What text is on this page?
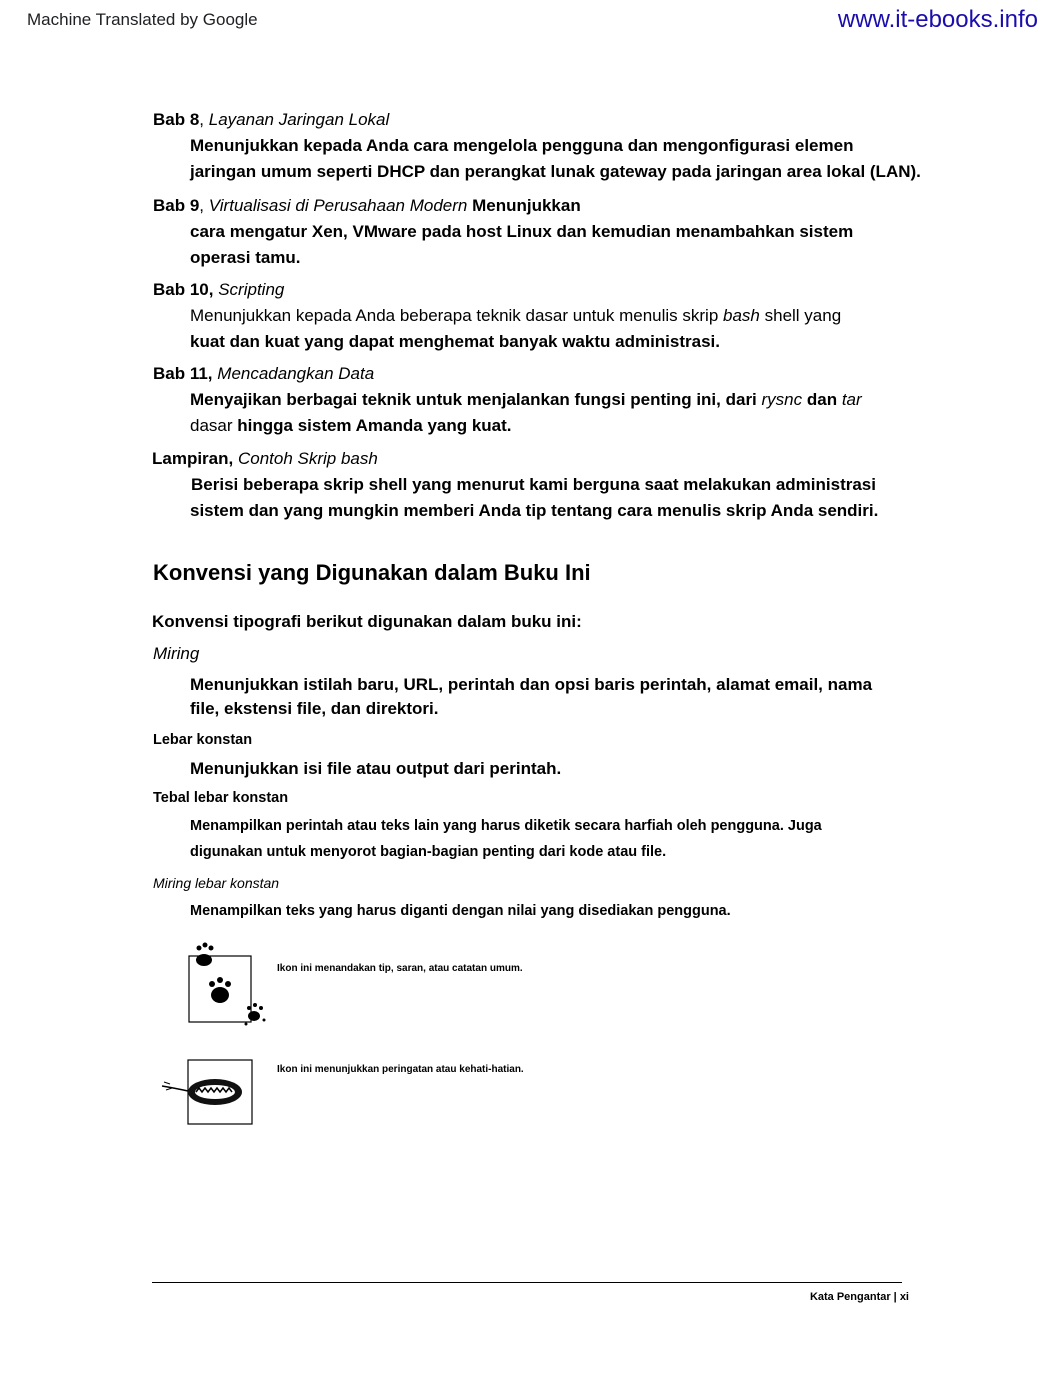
Machine Translated by Google	www.it-ebooks.info
Bab 8, Layanan Jaringan Lokal
Menunjukkan kepada Anda cara mengelola pengguna dan mengonfigurasi elemen
jaringan umum seperti DHCP dan perangkat lunak gateway pada jaringan area lokal (LAN).
Bab 9, Virtualisasi di Perusahaan Modern Menunjukkan
cara mengatur Xen, VMware pada host Linux dan kemudian menambahkan sistem
operasi tamu.
Bab 10, Scripting
Menunjukkan kepada Anda beberapa teknik dasar untuk menulis skrip bash shell yang
kuat dan kuat yang dapat menghemat banyak waktu administrasi.
Bab 11, Mencadangkan Data
Menyajikan berbagai teknik untuk menjalankan fungsi penting ini, dari rysnc dan tar
dasar hingga sistem Amanda yang kuat.
Lampiran, Contoh Skrip bash
Berisi beberapa skrip shell yang menurut kami berguna saat melakukan administrasi
sistem dan yang mungkin memberi Anda tip tentang cara menulis skrip Anda sendiri.
Konvensi yang Digunakan dalam Buku Ini
Konvensi tipografi berikut digunakan dalam buku ini:
Miring
Menunjukkan istilah baru, URL, perintah dan opsi baris perintah, alamat email, nama
file, ekstensi file, dan direktori.
Lebar konstan
Menunjukkan isi file atau output dari perintah.
Tebal lebar konstan
Menampilkan perintah atau teks lain yang harus diketik secara harfiah oleh pengguna. Juga
digunakan untuk menyorot bagian-bagian penting dari kode atau file.
Miring lebar konstan
Menampilkan teks yang harus diganti dengan nilai yang disediakan pengguna.
Ikon ini menandakan tip, saran, atau catatan umum.
Ikon ini menunjukkan peringatan atau kehati-hatian.
Kata Pengantar | xi
